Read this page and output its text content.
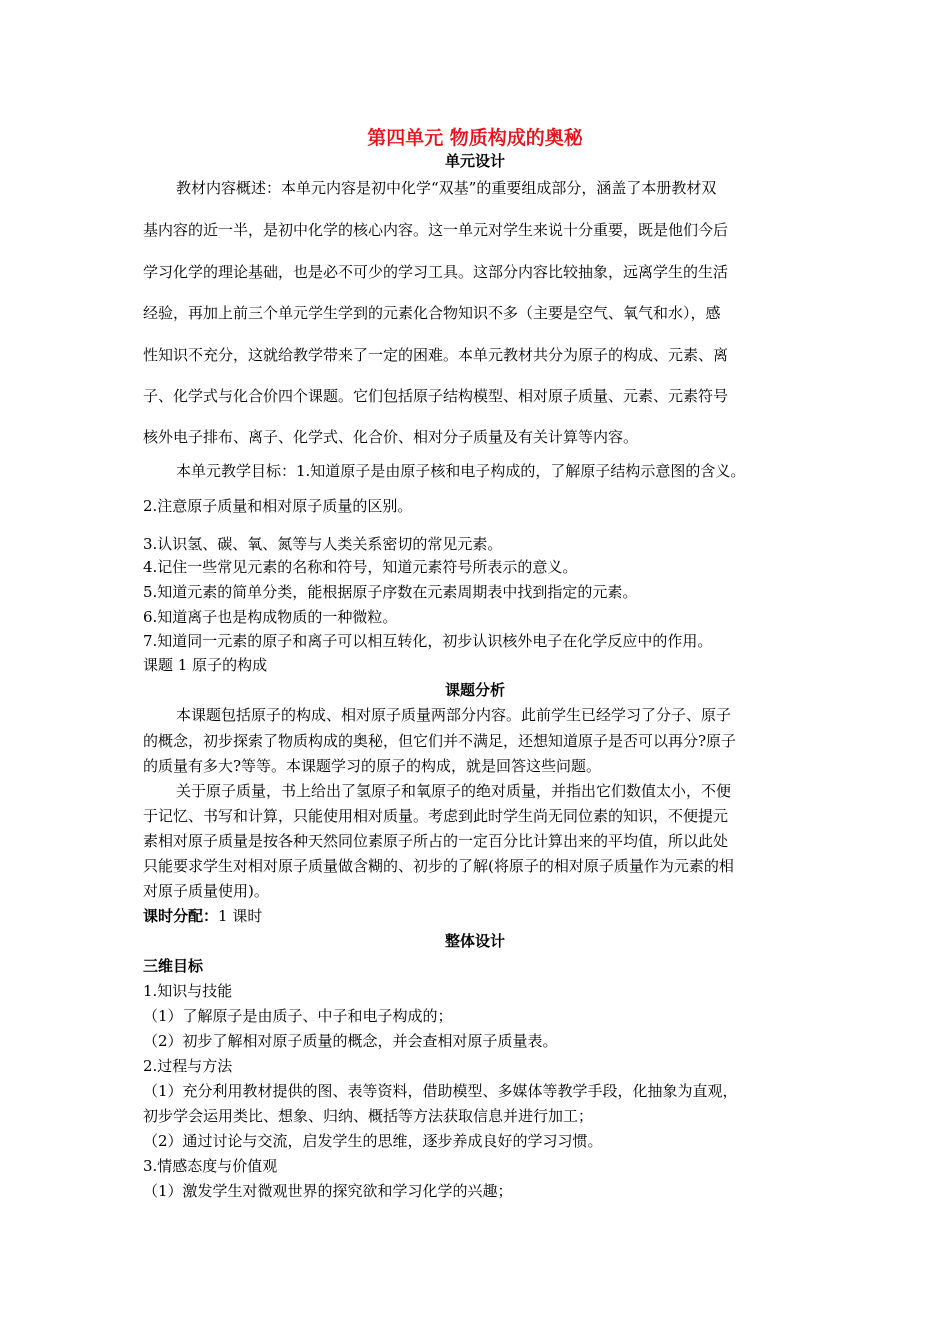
第四单元 物质构成的奥秘
单元设计
教材内容概述：本单元内容是初中化学“双基”的重要组成部分，涵盖了本册教材双
基内容的近一半，是初中化学的核心内容。这一单元对学生来说十分重要，既是他们今后
学习化学的理论基础，也是必不可少的学习工具。这部分内容比较抽象，远离学生的生活
经验，再加上前三个单元学生学到的元素化合物知识不多（主要是空气、氧气和水），感
性知识不充分，这就给教学带来了一定的困难。本单元教材共分为原子的构成、元素、离
子、化学式与化合价四个课题。它们包括原子结构模型、相对原子质量、元素、元素符号
核外电子排布、离子、化学式、化合价、相对分子质量及有关计算等内容。
本单元教学目标：1.知道原子是由原子核和电子构成的，了解原子结构示意图的含义。
2.注意原子质量和相对原子质量的区别。
3.认识氢、碳、氧、氮等与人类关系密切的常见元素。
4.记住一些常见元素的名称和符号，知道元素符号所表示的意义。
5.知道元素的简单分类，能根据原子序数在元素周期表中找到指定的元素。
6.知道离子也是构成物质的一种微粒。
7.知道同一元素的原子和离子可以相互转化，初步认识核外电子在化学反应中的作用。
课题 1 原子的构成
课题分析
本课题包括原子的构成、相对原子质量两部分内容。此前学生已经学习了分子、原子
的概念，初步探索了物质构成的奥秘，但它们并不满足，还想知道原子是否可以再分?原子
的质量有多大?等等。本课题学习的原子的构成，就是回答这些问题。
关于原子质量，书上给出了氢原子和氧原子的绝对质量，并指出它们数值太小，不便
于记忆、书写和计算，只能使用相对质量。考虑到此时学生尚无同位素的知识，不便提元
素相对原子质量是按各种天然同位素原子所占的一定百分比计算出来的平均值，所以此处
只能要求学生对相对原子质量做含糊的、初步的了解(将原子的相对原子质量作为元素的相
对原子质量使用)。
课时分配：1 课时
整体设计
三维目标
1.知识与技能
（1）了解原子是由质子、中子和电子构成的；
（2）初步了解相对原子质量的概念，并会查相对原子质量表。
2.过程与方法
（1）充分利用教材提供的图、表等资料，借助模型、多媒体等教学手段，化抽象为直观，
初步学会运用类比、想象、归纳、概括等方法获取信息并进行加工；
（2）通过讨论与交流，启发学生的思维，逐步养成良好的学习习惯。
3.情感态度与价值观
（1）激发学生对微观世界的探究欲和学习化学的兴趣；
